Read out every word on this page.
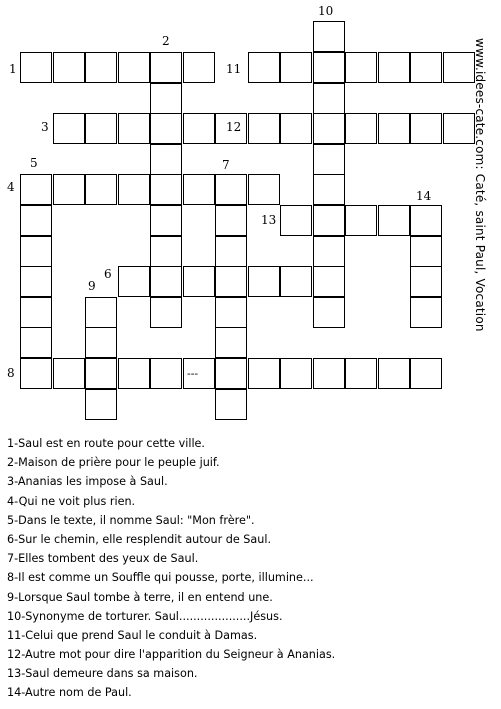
1
2
3
4
5
6
7
8
9
10
11
12
13
14
---
www.idees-cate.com: Caté, saint Paul, Vocation
1-Saul est en route pour cette ville.
2-Maison de prière pour le peuple juif.
3-Ananias les impose à Saul.
4-Qui ne voit plus rien.
5-Dans le texte, il nomme Saul: "Mon frère".
6-Sur le chemin, elle resplendit autour de Saul.
7-Elles tombent des yeux de Saul.
8-Il est comme un Souffle qui pousse, porte, illumine...
9-Lorsque Saul tombe à terre, il en entend une.
10-Synonyme de torturer. Saul....................Jésus.
11-Celui que prend Saul le conduit à Damas.
12-Autre mot pour dire l'apparition du Seigneur à Ananias.
13-Saul demeure dans sa maison.
14-Autre nom de Paul.
